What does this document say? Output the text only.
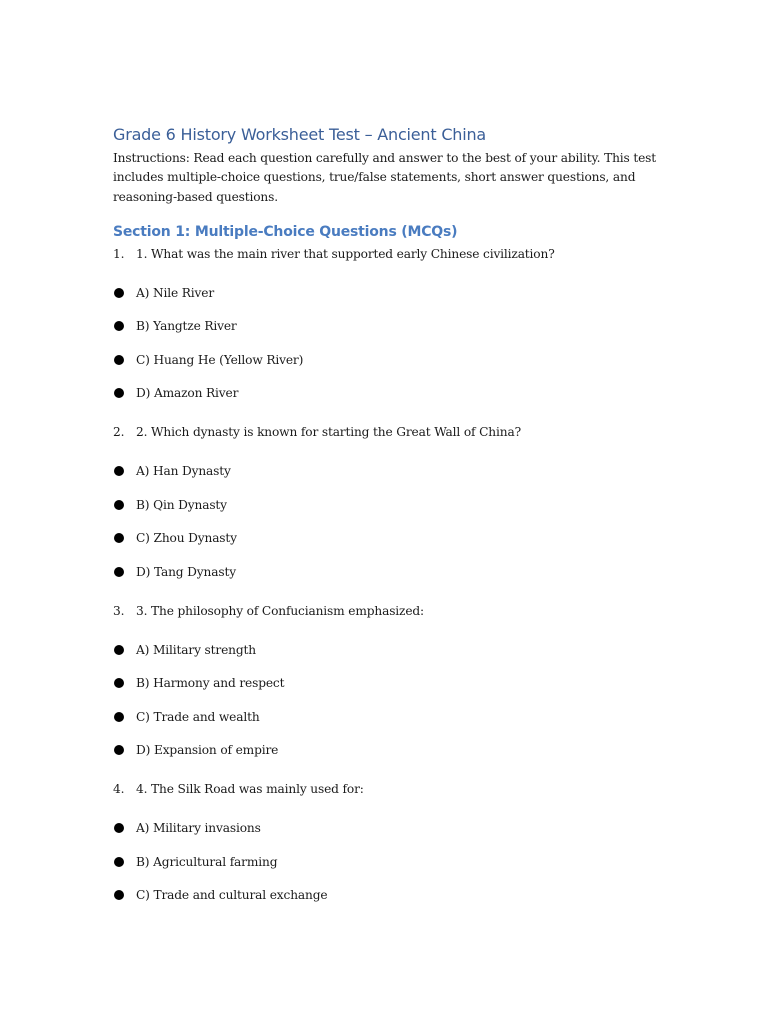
Grade 6 History Worksheet Test – Ancient China

Instructions: Read each question carefully and answer to the best of your ability. This test includes multiple-choice questions, true/false statements, short answer questions, and reasoning-based questions.

Section 1: Multiple-Choice Questions (MCQs)
1. 1. What was the main river that supported early Chinese civilization?
A) Nile River
B) Yangtze River
C) Huang He (Yellow River)
D) Amazon River
2. 2. Which dynasty is known for starting the Great Wall of China?
A) Han Dynasty
B) Qin Dynasty
C) Zhou Dynasty
D) Tang Dynasty
3. 3. The philosophy of Confucianism emphasized:
A) Military strength
B) Harmony and respect
C) Trade and wealth
D) Expansion of empire
4. 4. The Silk Road was mainly used for:
A) Military invasions
B) Agricultural farming
C) Trade and cultural exchange
